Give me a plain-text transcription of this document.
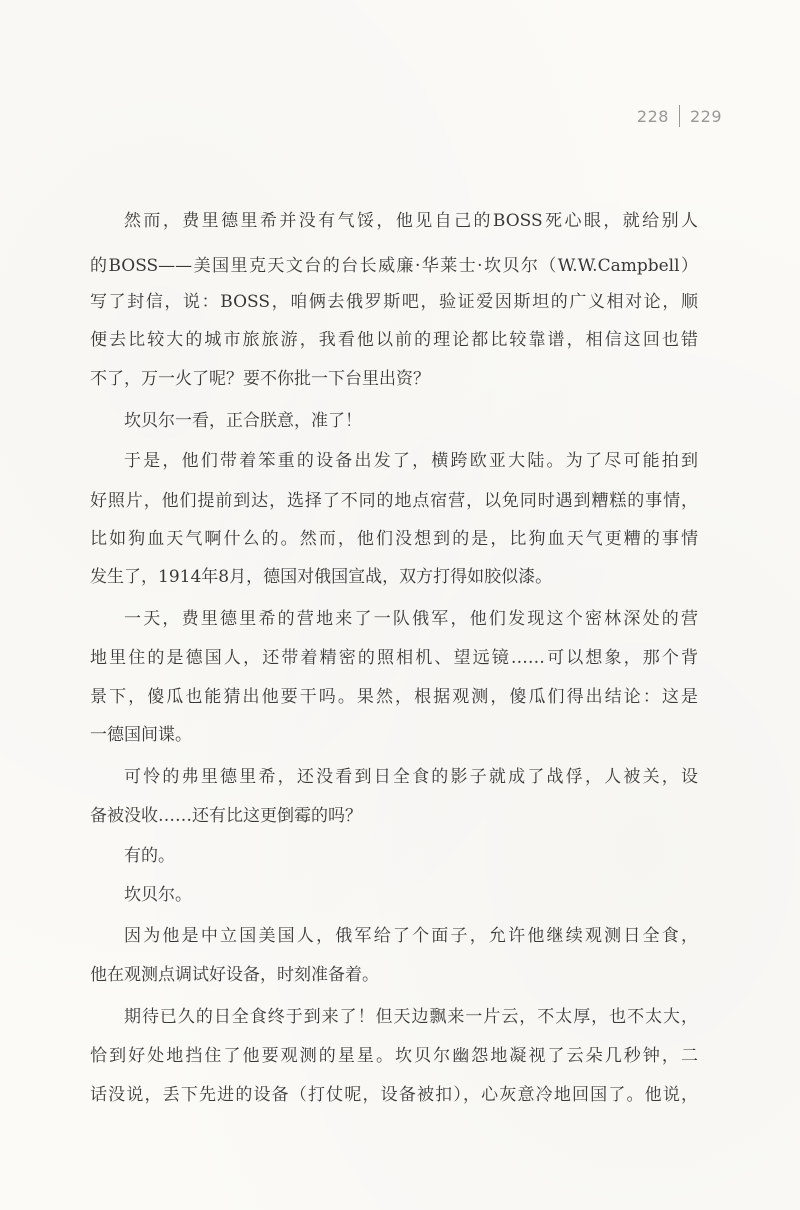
228 229
然而，费里德里希并没有气馁，他见自己的BOSS死心眼，就给别人
的BOSS——美国里克天文台的台长威廉·华莱士·坎贝尔（W.W.Campbell）
写了封信，说：BOSS，咱俩去俄罗斯吧，验证爱因斯坦的广义相对论，顺
便去比较大的城市旅旅游，我看他以前的理论都比较靠谱，相信这回也错
不了，万一火了呢？要不你批一下台里出资？
坎贝尔一看，正合朕意，准了！
于是，他们带着笨重的设备出发了，横跨欧亚大陆。为了尽可能拍到
好照片，他们提前到达，选择了不同的地点宿营，以免同时遇到糟糕的事情，
比如狗血天气啊什么的。然而，他们没想到的是，比狗血天气更糟的事情
发生了，1914年8月，德国对俄国宣战，双方打得如胶似漆。
一天，费里德里希的营地来了一队俄军，他们发现这个密林深处的营
地里住的是德国人，还带着精密的照相机、望远镜……可以想象，那个背
景下，傻瓜也能猜出他要干吗。果然，根据观测，傻瓜们得出结论：这是
一德国间谍。
可怜的弗里德里希，还没看到日全食的影子就成了战俘，人被关，设
备被没收……还有比这更倒霉的吗？
有的。
坎贝尔。
因为他是中立国美国人，俄军给了个面子，允许他继续观测日全食，
他在观测点调试好设备，时刻准备着。
期待已久的日全食终于到来了！但天边飘来一片云，不太厚，也不太大，
恰到好处地挡住了他要观测的星星。坎贝尔幽怨地凝视了云朵几秒钟，二
话没说，丢下先进的设备（打仗呢，设备被扣），心灰意冷地回国了。他说，
